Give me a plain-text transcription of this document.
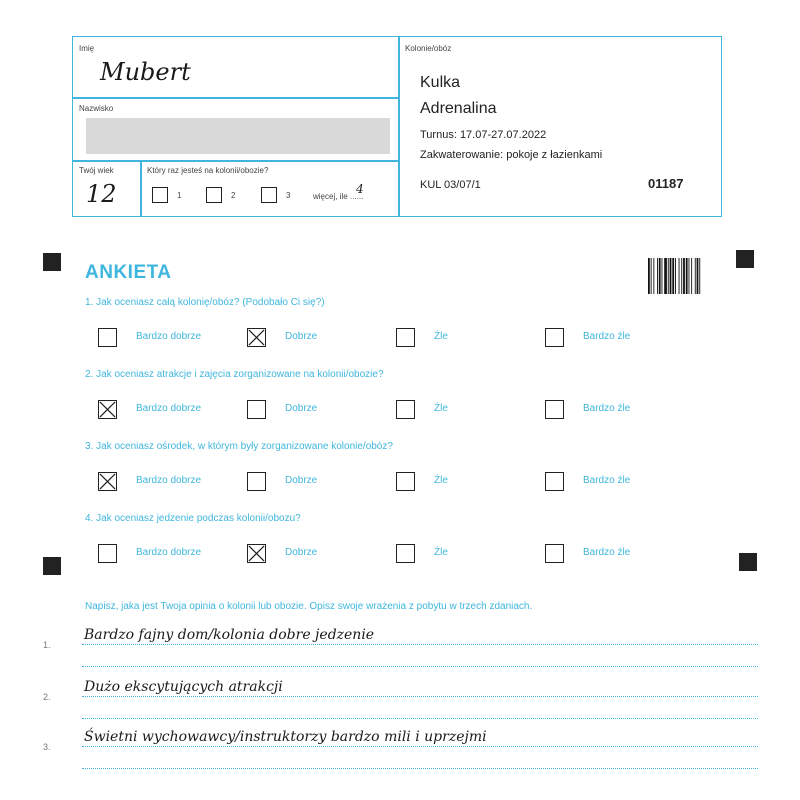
Imię
Mubert
Nazwisko
Twój wiek
12
Który raz jesteś na kolonii/obozie?
1	2	3	więcej, ile ......
4
Kolonie/obóz
Kulka
Adrenalina
Turnus: 17.07-27.07.2022
Zakwaterowanie: pokoje z łazienkami
KUL 03/07/1	01187
ANKIETA
1. Jak oceniasz całą kolonię/obóz? (Podobało Ci się?)
Bardzo dobrze	Dobrze	Źle	Bardzo źle
2. Jak oceniasz atrakcje i zajęcia zorganizowane na kolonii/obozie?
Bardzo dobrze	Dobrze	Źle	Bardzo źle
3. Jak oceniasz ośrodek, w którym były zorganizowane kolonie/obóz?
Bardzo dobrze	Dobrze	Źle	Bardzo źle
4. Jak oceniasz jedzenie podczas kolonii/obozu?
Bardzo dobrze	Dobrze	Źle	Bardzo źle
Napisz, jaka jest Twoja opinia o kolonii lub obozie. Opisz swoje wrażenia z pobytu w trzech zdaniach.
1.
Bardzo fajny dom/kolonia dobre jedzenie
2.
Dużo ekscytujących atrakcji
3.
Świetni wychowawcy/instruktorzy bardzo mili i uprzejmi
